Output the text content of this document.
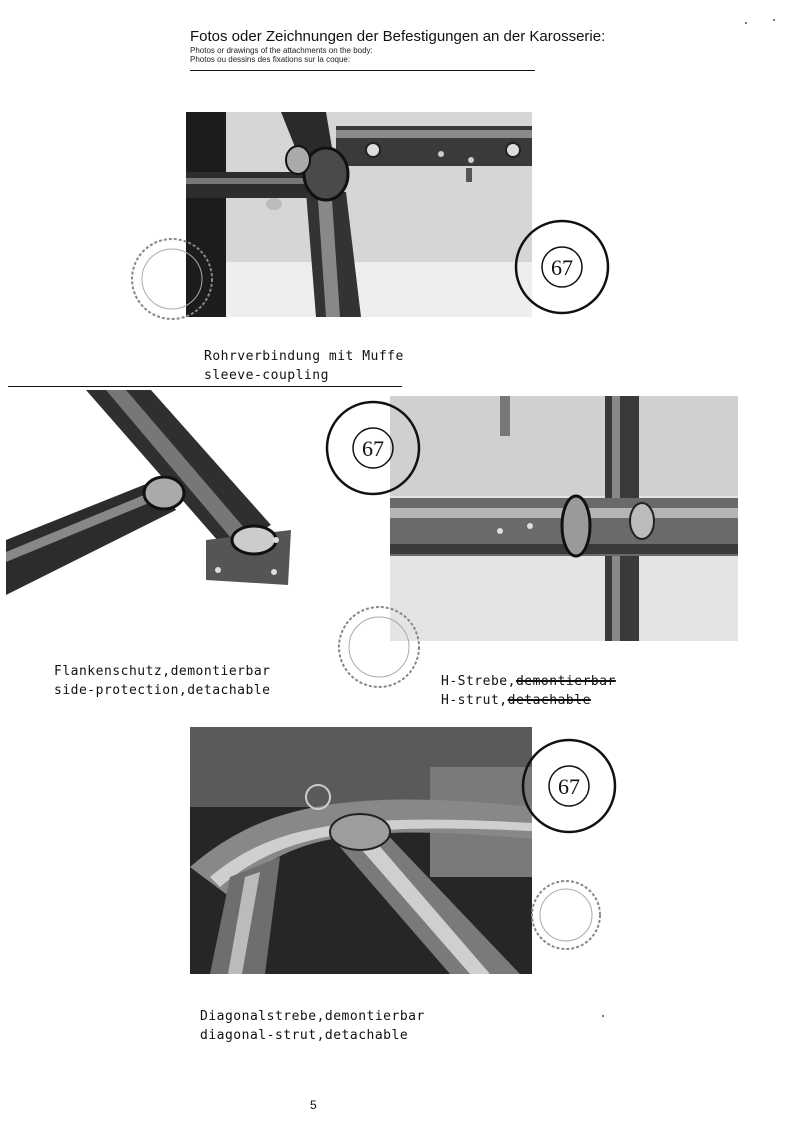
Fotos oder Zeichnungen der Befestigungen an der Karosserie:
Photos or drawings of the attachments on the body:
Photos ou dessins des fixations sur la coque:
Rohrverbindung mit Muffe
sleeve-coupling
Flankenschutz,demontierbar
side-protection,detachable
H-Strebe,demontierbar
H-strut,detachable
Diagonalstrebe,demontierbar
diagonal-strut,detachable
67
67
67
5
